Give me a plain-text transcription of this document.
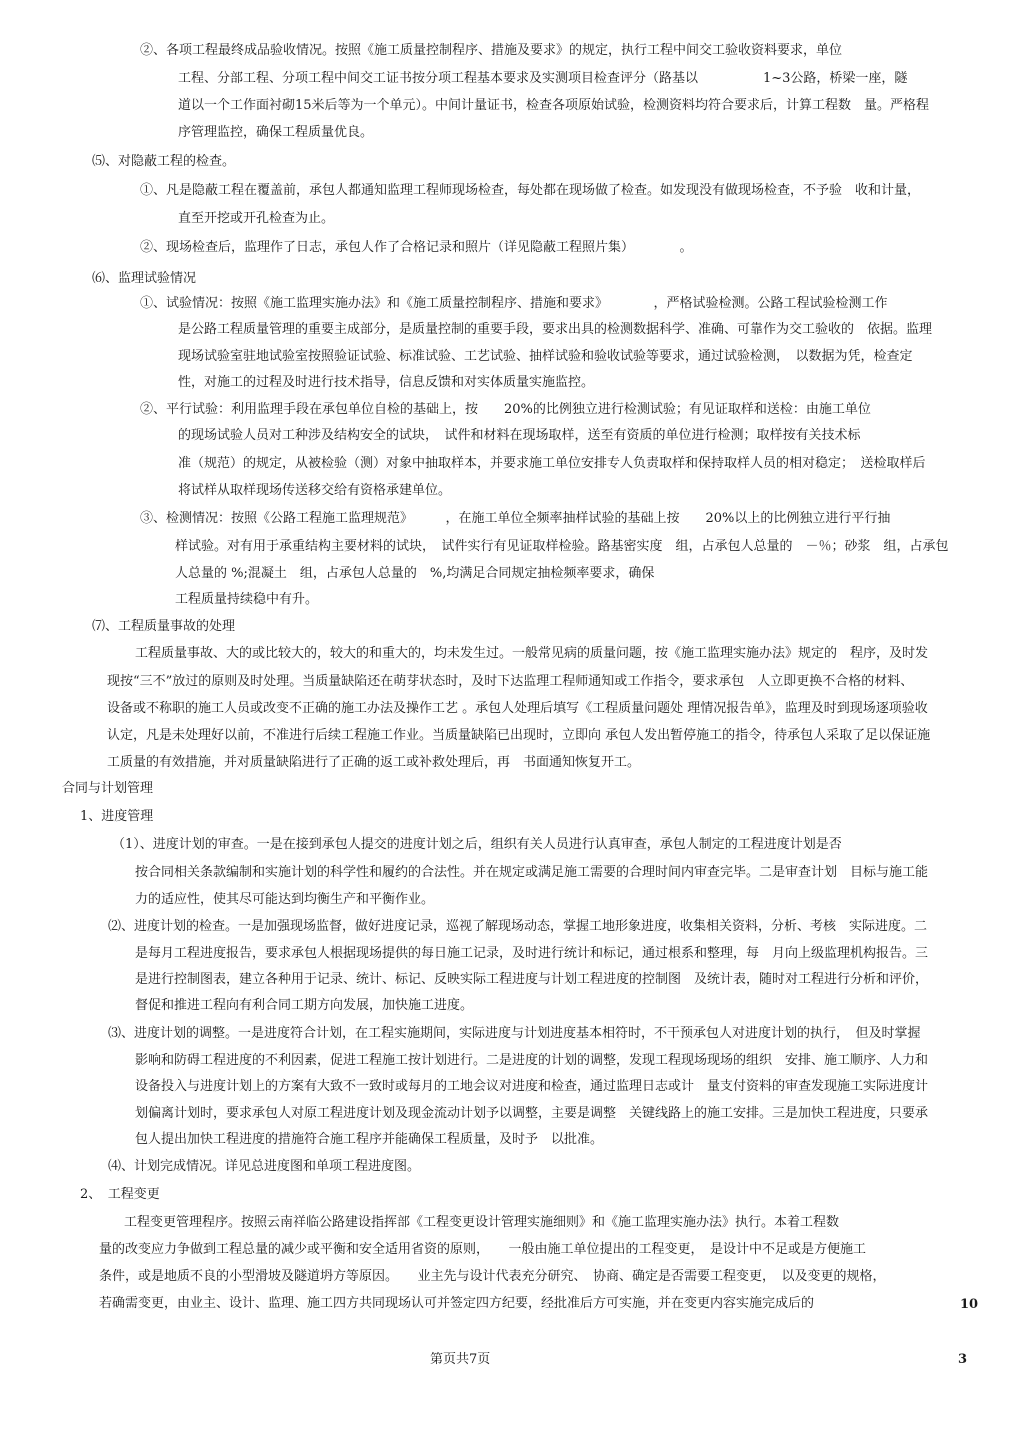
②、各项工程最终成品验收情况。按照《施工质量控制程序、措施及要求》的规定，执行工程中间交工验收资料要求，单位
工程、分部工程、分项工程中间交工证书按分项工程基本要求及实测项目检查评分（路基以　　　　　1~3公路，桥梁一座，隧
道以一个工作面衬砌15米后等为一个单元）。中间计量证书，检查各项原始试验，检测资料均符合要求后，计算工程数　量。严格程
序管理监控，确保工程质量优良。
⑸、对隐蔽工程的检查。
①、凡是隐蔽工程在覆盖前，承包人都通知监理工程师现场检查，每处都在现场做了检查。如发现没有做现场检查，不予验　收和计量，
直至开挖或开孔检查为止。
②、现场检查后，监理作了日志，承包人作了合格记录和照片（详见隐蔽工程照片集）　　　　。
⑹、监理试验情况
①、试验情况：按照《施工监理实施办法》和《施工质量控制程序、措施和要求》　　　　，严格试验检测。公路工程试验检测工作
是公路工程质量管理的重要主成部分，是质量控制的重要手段，要求出具的检测数据科学、准确、可靠作为交工验收的　依据。监理
现场试验室驻地试验室按照验证试验、标准试验、工艺试验、抽样试验和验收试验等要求，通过试验检测，　以数据为凭，检查定
性，对施工的过程及时进行技术指导，信息反馈和对实体质量实施监控。
②、平行试验：利用监理手段在承包单位自检的基础上，按　　20%的比例独立进行检测试验；有见证取样和送检：由施工单位
的现场试验人员对工种涉及结构安全的试块，　试件和材料在现场取样，送至有资质的单位进行检测；取样按有关技术标
准（规范）的规定，从被检验（测）对象中抽取样本，并要求施工单位安排专人负责取样和保持取样人员的相对稳定；　送检取样后
将试样从取样现场传送移交给有资格承建单位。
③、检测情况：按照《公路工程施工监理规范》　　　，在施工单位全频率抽样试验的基础上按　　20%以上的比例独立进行平行抽
样试验。对有用于承重结构主要材料的试块，　试件实行有见证取样检验。路基密实度　组，占承包人总量的　－％；砂浆　组，占承包
人总量的 %;混凝土　组，占承包人总量的　%,均满足合同规定抽检频率要求，确保
工程质量持续稳中有升。
⑺、工程质量事故的处理
工程质量事故、大的或比较大的，较大的和重大的，均未发生过。一般常见病的质量问题，按《施工监理实施办法》规定的　程序，及时发
现按“三不”放过的原则及时处理。当质量缺陷还在萌芽状态时，及时下达监理工程师通知或工作指令，要求承包　人立即更换不合格的材料、
设备或不称职的施工人员或改变不正确的施工办法及操作工艺 。承包人处理后填写《工程质量问题处 理情况报告单》，监理及时到现场逐项验收
认定，凡是未处理好以前，不准进行后续工程施工作业。当质量缺陷已出现时，立即向 承包人发出暂停施工的指令，待承包人采取了足以保证施
工质量的有效措施，并对质量缺陷进行了正确的返工或补救处理后，再　书面通知恢复开工。
合同与计划管理
1、进度管理
（1）、进度计划的审查。一是在接到承包人提交的进度计划之后，组织有关人员进行认真审查，承包人制定的工程进度计划是否
按合同相关条款编制和实施计划的科学性和履约的合法性。并在规定或满足施工需要的合理时间内审查完毕。二是审查计划　目标与施工能
力的适应性，使其尽可能达到均衡生产和平衡作业。
⑵、进度计划的检查。一是加强现场监督，做好进度记录，巡视了解现场动态，掌握工地形象进度，收集相关资料，分析、考核　实际进度。二
是每月工程进度报告，要求承包人根据现场提供的每日施工记录，及时进行统计和标记，通过根系和整理，每　月向上级监理机构报告。三
是进行控制图表，建立各种用于记录、统计、标记、反映实际工程进度与计划工程进度的控制图　及统计表，随时对工程进行分析和评价，
督促和推进工程向有利合同工期方向发展，加快施工进度。
⑶、进度计划的调整。一是进度符合计划，在工程实施期间，实际进度与计划进度基本相符时，不干预承包人对进度计划的执行，　但及时掌握
影响和防碍工程进度的不利因素，促进工程施工按计划进行。二是进度的计划的调整，发现工程现场现场的组织　安排、施工顺序、人力和
设备投入与进度计划上的方案有大致不一致时或每月的工地会议对进度和检查，通过监理日志或计　量支付资料的审查发现施工实际进度计
划偏离计划时，要求承包人对原工程进度计划及现金流动计划予以调整，主要是调整　关键线路上的施工安排。三是加快工程进度，只要承
包人提出加快工程进度的措施符合施工程序并能确保工程质量，及时予　以批准。
⑷、计划完成情况。详见总进度图和单项工程进度图。
2、　工程变更
工程变更管理程序。按照云南祥临公路建设指挥部《工程变更设计管理实施细则》和《施工监理实施办法》执行。本着工程数
量的改变应力争做到工程总量的减少或平衡和安全适用省资的原则，　　一般由施工单位提出的工程变更，　是设计中不足或是方便施工
条件，或是地质不良的小型滑坡及隧道坍方等原因。　　业主先与设计代表充分研究、　协商、确定是否需要工程变更，　以及变更的规格，
若确需变更，由业主、设计、监理、施工四方共同现场认可并签定四方纪要，经批准后方可实施，并在变更内容实施完成后的	10
第页共7页	3
